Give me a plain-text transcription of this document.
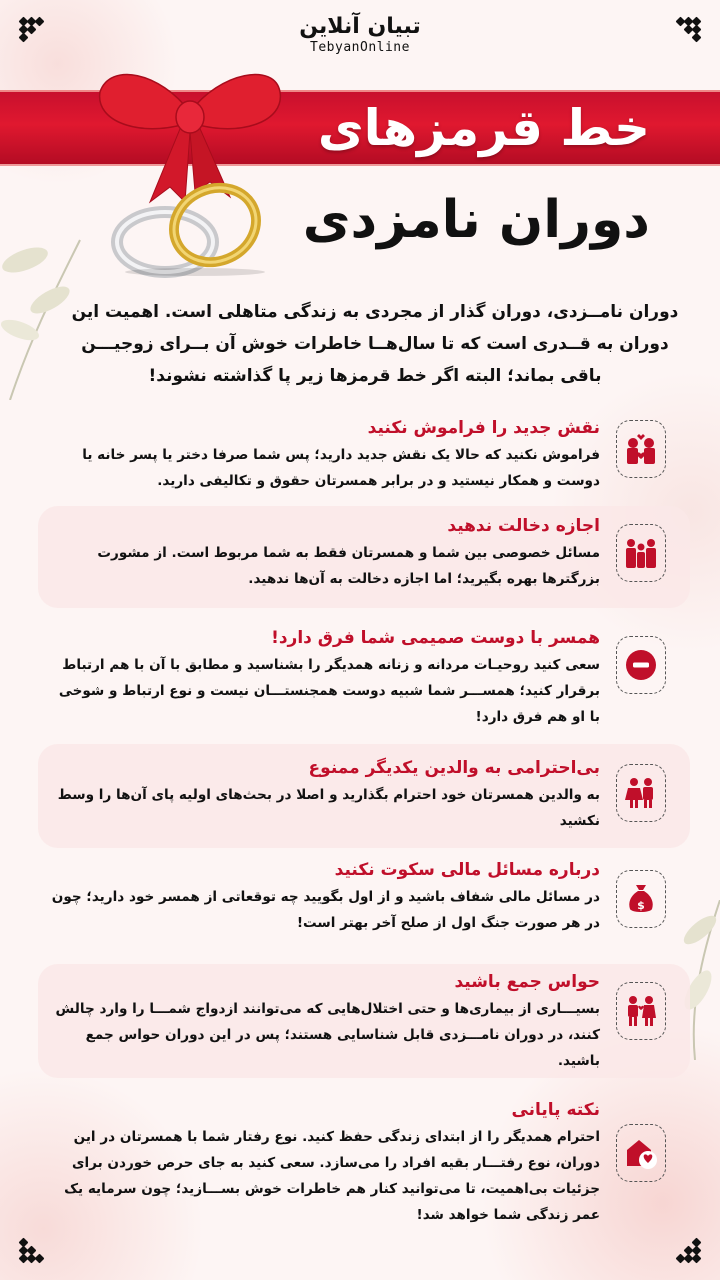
تبیان آنلاین
TebyanOnline
خط قرمزهای
دوران نامزدی
دوران نامــزدی، دوران گذار از مجردی به زندگی متاهلی است. اهمیت این دوران به قــدری است که تا سال‌هــا خاطرات خوش آن بــرای زوجیـــن باقی بماند؛ البته اگر خط قرمزها زیر پا گذاشته نشوند!
نقش جدید را فراموش نکنید
فراموش نکنید که حالا یک نقش جدید دارید؛ پس شما صرفا دختر یا پسر خانه یا دوست و همکار نیستید و در برابر همسرتان حقوق و تکالیفی دارید.
اجازه دخالت ندهید
مسائل خصوصی بین شما و همسرتان فقط به شما مربوط است. از مشورت بزرگترها بهره بگیرید؛ اما اجازه دخالت به آن‌ها ندهید.
همسر با دوست صمیمی شما فرق دارد!
سعی کنید روحیـات مردانه و زنانه همدیگر را بشناسید و مطابق با آن با هم ارتباط برقرار کنید؛ همســـر شما شبیه دوست همجنستـــان نیست و نوع ارتباط و شوخی با او هم فرق دارد!
بی‌احترامی به والدین یکدیگر ممنوع
به والدین همسرتان خود احترام بگذارید و اصلا در بحث‌های اولیه پای آن‌ها را وسط نکشید
$
درباره مسائل مالی سکوت نکنید
در مسائل مالی شفاف باشید و از اول بگویید چه توقعاتی از همسر خود دارید؛ چون در هر صورت جنگ اول از صلح آخر بهتر است!
حواس جمع باشید
بسیـــاری از بیماری‌ها و حتی اختلال‌هایی که می‌توانند ازدواج شمـــا را وارد چالش کنند، در دوران نامـــزدی قابل شناسایی هستند؛ پس در این دوران حواس جمع باشید.
نکته پایانی
احترام همدیگر را از ابتدای زندگی حفظ کنید. نوع رفتار شما با همسرتان در این دوران، نوع رفتـــار بقیه افراد را می‌سازد. سعی کنید به جای حرص خوردن برای جزئیات بی‌اهمیت، تا می‌توانید کنار هم خاطرات خوش بســـازید؛ چون سرمایه یک عمر زندگی شما خواهد شد!
